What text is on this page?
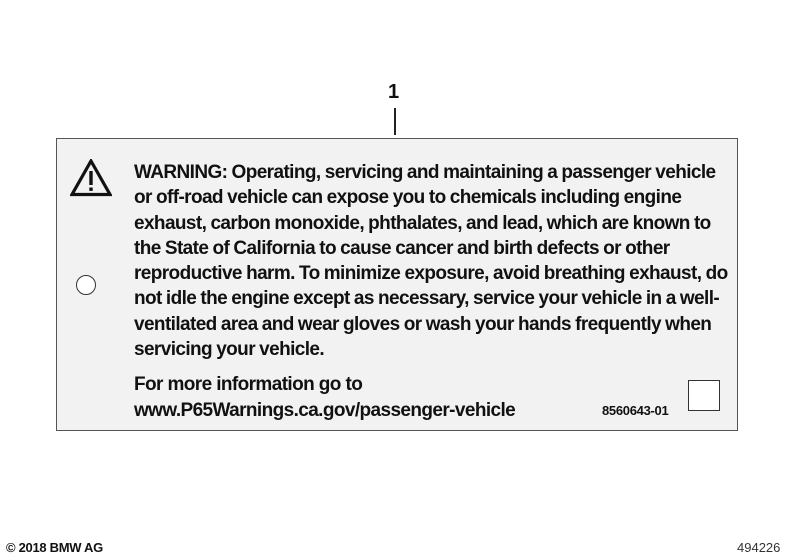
1

WARNING: Operating, servicing and maintaining a passenger vehicle
or off-road vehicle can expose you to chemicals including engine
exhaust, carbon monoxide, phthalates, and lead, which are known to
the State of California to cause cancer and birth defects or other
reproductive harm. To minimize exposure, avoid breathing exhaust, do
not idle the engine except as necessary, service your vehicle in a well-
ventilated area and wear gloves or wash your hands frequently when
servicing your vehicle.

For more information go to
www.P65Warnings.ca.gov/passenger-vehicle	8560643-01
© 2018 BMW AG	494226
